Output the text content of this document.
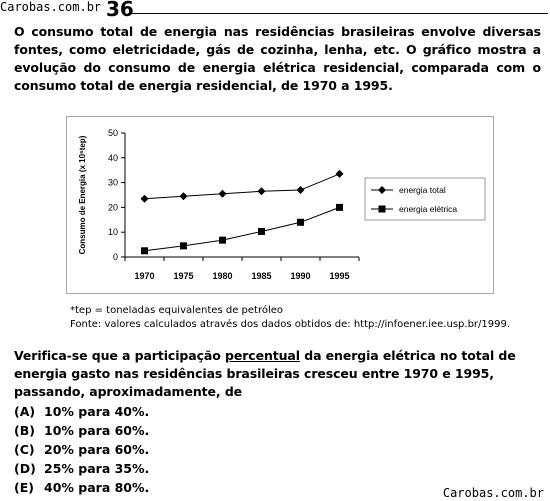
Carobas.com.br 36
O consumo total de energia nas residências brasileiras envolve diversas fontes, como eletricidade, gás de cozinha, lenha, etc. O gráfico mostra a evolução do consumo de energia elétrica residencial, comparada com o consumo total de energia residencial, de 1970 a 1995.
0
10
20
30
40
50
1970 1975 1980 1985 1990 1995
Consumo de Energia (x 10⁶tep)	energia total
energia elétrica
*tep = toneladas equivalentes de petróleo
Fonte: valores calculados através dos dados obtidos de: http://infoener.iee.usp.br/1999.
Verifica-se que a participação percentual da energia elétrica no total de energia gasto nas residências brasileiras cresceu entre 1970 e 1995, passando, aproximadamente, de
(A) 10% para 40%.
(B) 10% para 60%.
(C) 20% para 60%.
(D) 25% para 35%.
(E) 40% para 80%.	Carobas.com.br
